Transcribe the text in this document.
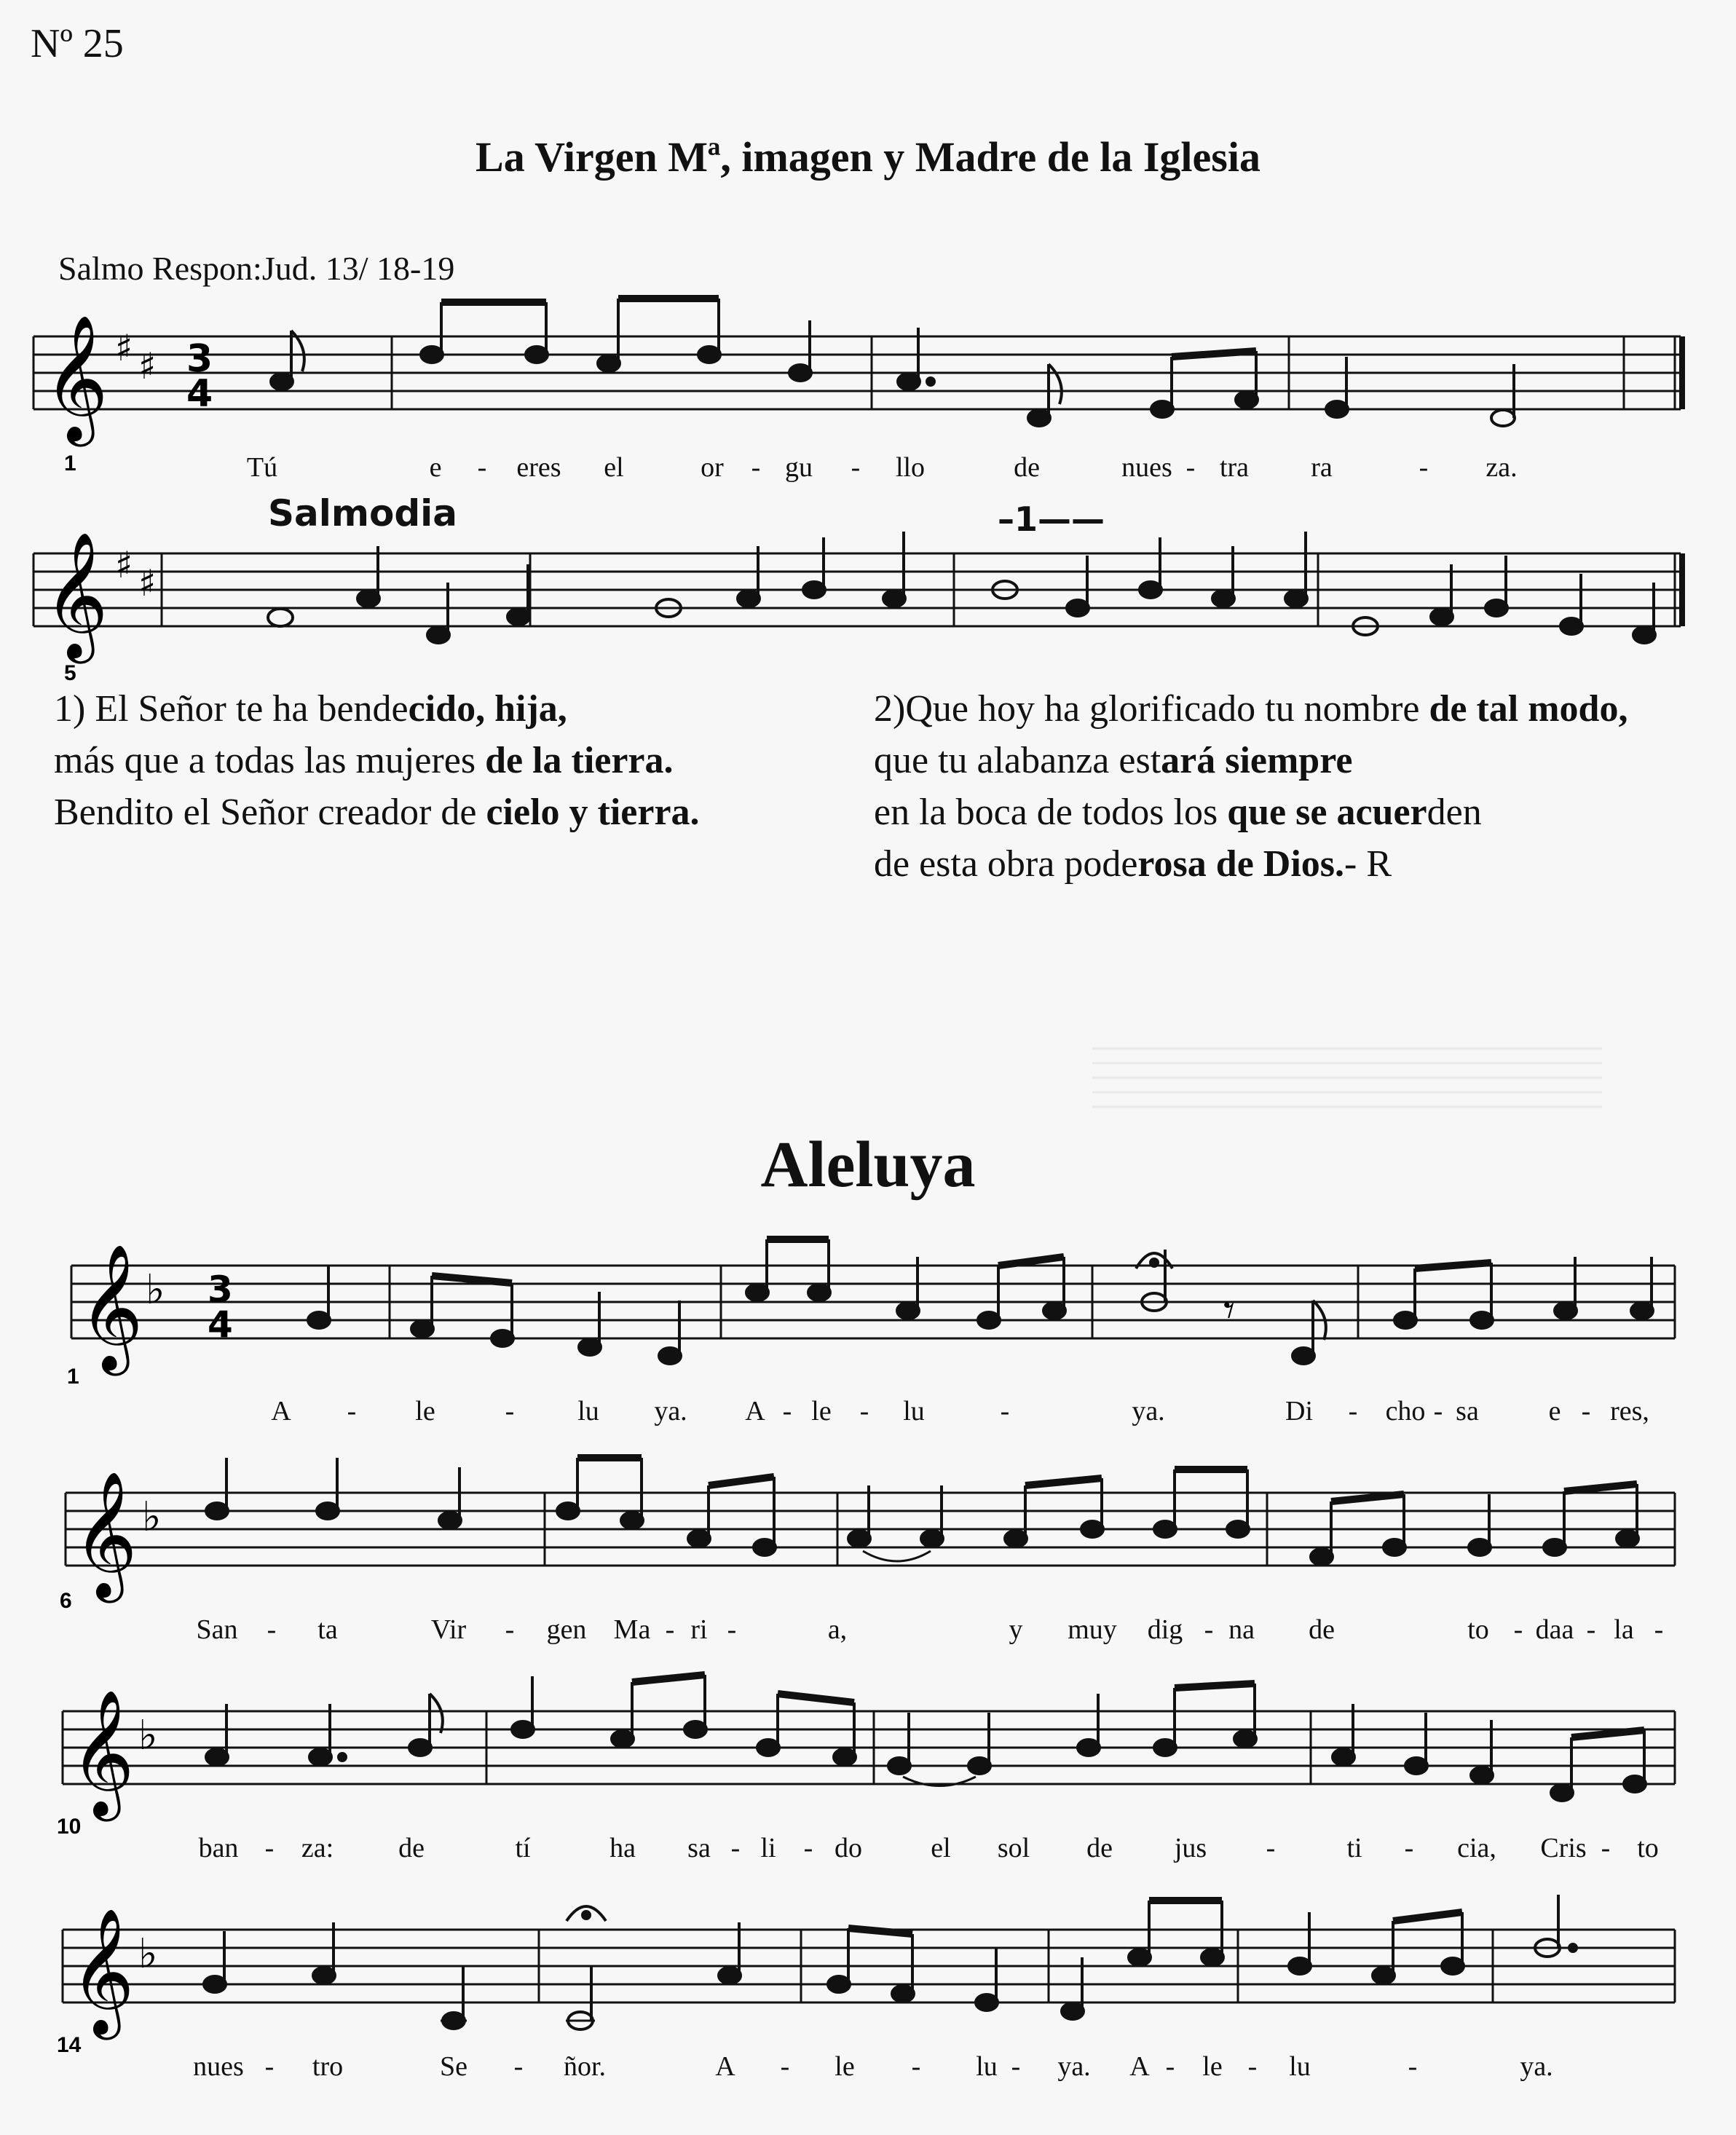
Nº 25
La Virgen Mª, imagen y Madre de la Iglesia
Salmo Respon:Jud. 13/ 18-19
𝄞 ♯ ♯ 3
4
1	Tú	e - eres el	or - gu - llo	de	nues - tra ra	- za.
Salmodia	–1——
𝄞 ♯ ♯
5
1) El Señor te ha bendecido, hija,
más que a todas las mujeres de la tierra.
Bendito el Señor creador de cielo y tierra.
2)Que hoy ha glorificado tu nombre de tal modo,
que tu alabanza estará siempre
en la boca de todos los que se acuerden
de esta obra poderosa de Dios.- R
Aleluya
𝄞 ♭ 3
4	𝄾
1
𝄞 ♭
6
𝄞 ♭
10
𝄞 ♭
14
A - le	- lu ya. A - le - lu	-	ya.	Di - cho - sa	e - res,
San - ta	Vir - gen Ma - ri -	a,	y muy dig - na de	to - daa - la -
ban - za: de	tí	ha sa - li - do el sol de jus -	ti - cia, Cris - to
nues - tro	Se - ñor.	A - le - lu - ya. A - le - lu	-	ya.
